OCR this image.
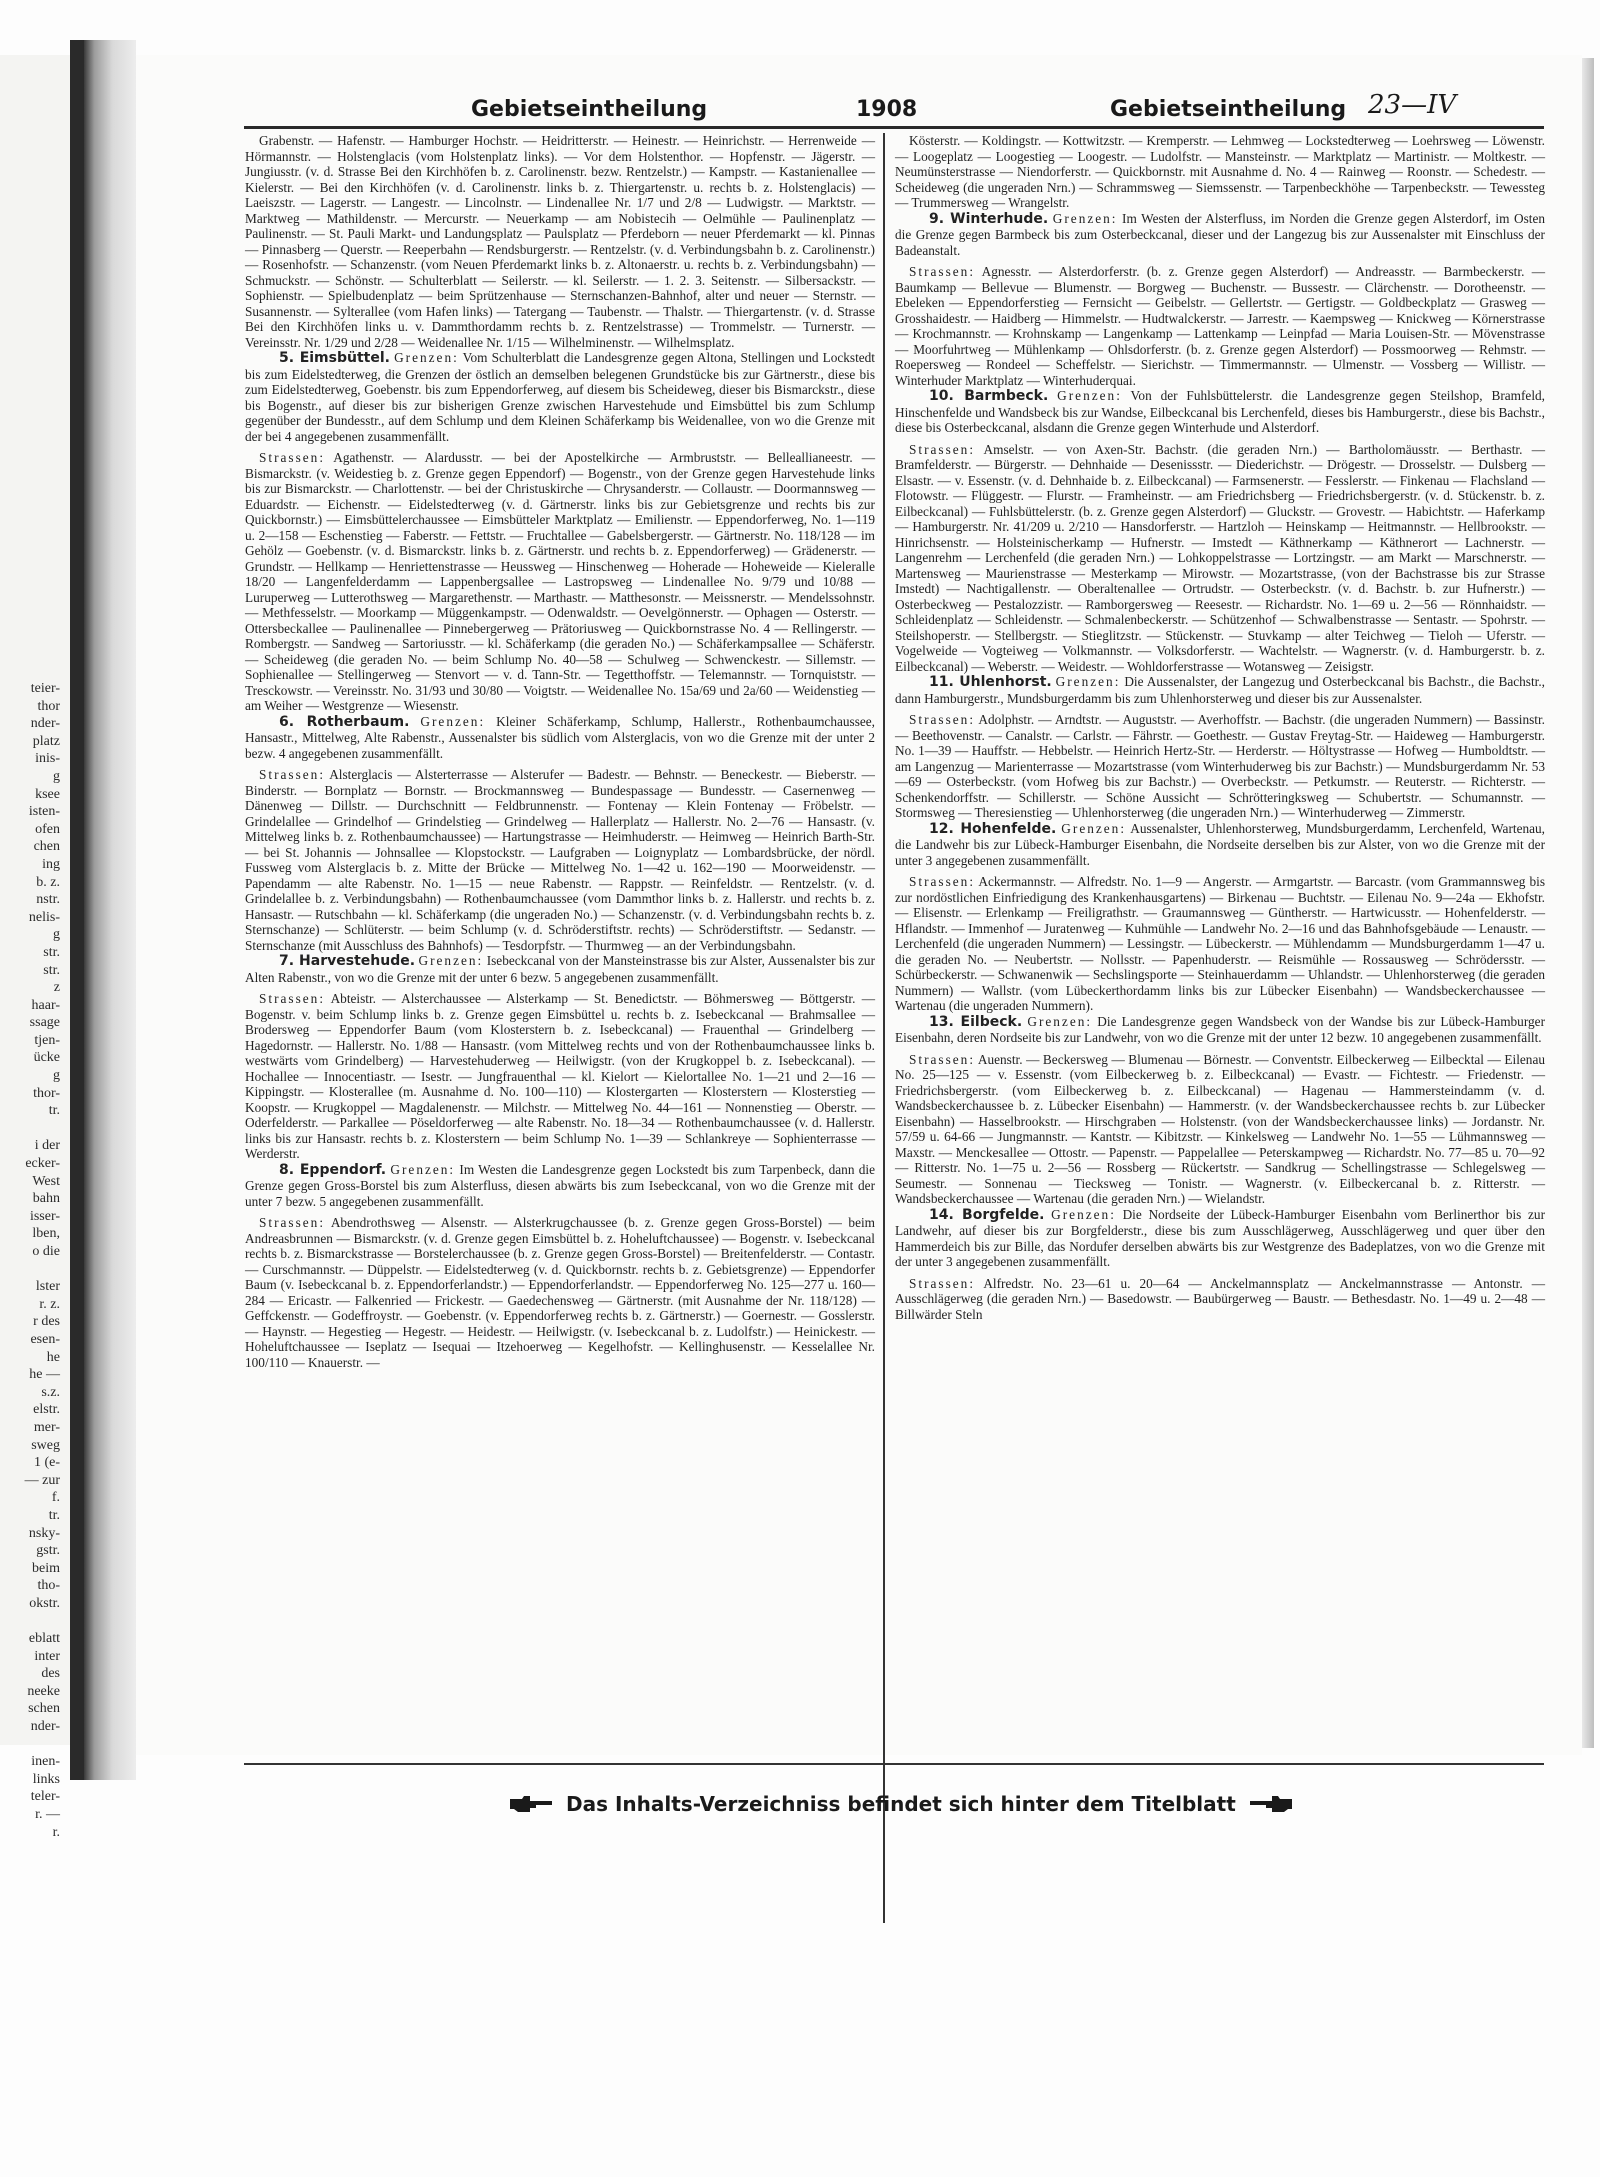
teier-
thor
nder-
platz
inis-
g
ksee
isten-
ofen
chen
ing
b. z.
nstr.
nelis-
g
str.
str.
z
haar-
ssage
tjen-
ücke
g
thor-
tr.

i der
ecker-
West
bahn
isser-
lben,
o die

lster
r. z.
r des
esen-
he
he —
s.z.
elstr.
mer-
sweg
1 (e-
— zur
f.
tr.
nsky-
gstr.
beim
tho-
okstr.

eblatt
inter
des
neeke
schen
nder-

inen-
links
teler-
r. —
r.
Gebietseintheilung	1908	Gebietseintheilung 23—IV

Grabenstr. — Hafenstr. — Hamburger Hochstr. — Heidritterstr. — Heinestr. — Heinrichstr. — Herrenweide — Hörmannstr. — Holstenglacis (vom Holstenplatz links). — Vor dem Holstenthor. — Hopfenstr. — Jägerstr. — Jungiusstr. (v. d. Strasse Bei den Kirchhöfen b. z. Carolinenstr. bezw. Rentzelstr.) — Kampstr. — Kastanienallee — Kielerstr. — Bei den Kirchhöfen (v. d. Carolinenstr. links b. z. Thiergartenstr. u. rechts b. z. Holstenglacis) — Laeiszstr. — Lagerstr. — Langestr. — Lincolnstr. — Lindenallee Nr. 1/7 und 2/8 — Ludwigstr. — Marktstr. — Marktweg — Mathildenstr. — Mercurstr. — Neuerkamp — am Nobistecih — Oelmühle — Paulinenplatz — Paulinenstr. — St. Pauli Markt- und Landungsplatz — Paulsplatz — Pferdeborn — neuer Pferdemarkt — kl. Pinnas — Pinnasberg — Querstr. — Reeperbahn — Rendsburgerstr. — Rentzelstr. (v. d. Verbindungsbahn b. z. Carolinenstr.) — Rosenhofstr. — Schanzenstr. (vom Neuen Pferdemarkt links b. z. Altonaerstr. u. rechts b. z. Verbindungsbahn) — Schmuckstr. — Schönstr. — Schulterblatt — Seilerstr. — kl. Seilerstr. — 1. 2. 3. Seitenstr. — Silbersackstr. — Sophienstr. — Spielbudenplatz — beim Sprützenhause — Sternschanzen-Bahnhof, alter und neuer — Sternstr. — Susannenstr. — Sylterallee (vom Hafen links) — Tatergang — Taubenstr. — Thalstr. — Thiergartenstr. (v. d. Strasse Bei den Kirchhöfen links u. v. Dammthordamm rechts b. z. Rentzelstrasse) — Trommelstr. — Turnerstr. — Vereinsstr. Nr. 1/29 und 2/28 — Weidenallee Nr. 1/15 — Wilhelminenstr. — Wilhelmsplatz.

5. Eimsbüttel. Grenzen: Vom Schulterblatt die Landesgrenze gegen Altona, Stellingen und Lockstedt bis zum Eidelstedterweg, die Grenzen der östlich an demselben belegenen Grundstücke bis zur Gärtnerstr., diese bis zum Eidelstedterweg, Goebenstr. bis zum Eppendorferweg, auf diesem bis Scheideweg, dieser bis Bismarckstr., diese bis Bogenstr., auf dieser bis zur bisherigen Grenze zwischen Harvestehude und Eimsbüttel bis zum Schlump gegenüber der Bundesstr., auf dem Schlump und dem Kleinen Schäferkamp bis Weidenallee, von wo die Grenze mit der bei 4 angegebenen zusammenfällt.

Strassen: Agathenstr. — Alardusstr. — bei der Apostelkirche — Armbruststr. — Belleallianeestr. — Bismarckstr. (v. Weidestieg b. z. Grenze gegen Eppendorf) — Bogenstr., von der Grenze gegen Harvestehude links bis zur Bismarckstr. — Charlottenstr. — bei der Christuskirche — Chrysanderstr. — Collaustr. — Doormannsweg — Eduardstr. — Eichenstr. — Eidelstedterweg (v. d. Gärtnerstr. links bis zur Gebietsgrenze und rechts bis zur Quickbornstr.) — Eimsbüttelerchaussee — Eimsbütteler Marktplatz — Emilienstr. — Eppendorferweg, No. 1—119 u. 2—158 — Eschenstieg — Faberstr. — Fettstr. — Fruchtallee — Gabelsbergerstr. — Gärtnerstr. No. 118/128 — im Gehölz — Goebenstr. (v. d. Bismarckstr. links b. z. Gärtnerstr. und rechts b. z. Eppendorferweg) — Grädenerstr. — Grundstr. — Hellkamp — Henriettenstrasse — Heussweg — Hinschenweg — Hoherade — Hoheweide — Kieleralle 18/20 — Langenfelderdamm — Lappenbergsallee — Lastropsweg — Lindenallee No. 9/79 und 10/88 — Luruperweg — Lutterothsweg — Margarethenstr. — Marthastr. — Matthesonstr. — Meissnerstr. — Mendelssohnstr. — Methfesselstr. — Moorkamp — Müggenkampstr. — Odenwaldstr. — Oevelgönnerstr. — Ophagen — Osterstr. — Ottersbeckallee — Paulinenallee — Pinnebergerweg — Prätoriusweg — Quickbornstrasse No. 4 — Rellingerstr. — Rombergstr. — Sandweg — Sartoriusstr. — kl. Schäferkamp (die geraden No.) — Schäferkampsallee — Schäferstr. — Scheideweg (die geraden No. — beim Schlump No. 40—58 — Schulweg — Schwenckestr. — Sillemstr. — Sophienallee — Stellingerweg — Stenvort — v. d. Tann-Str. — Tegetthoffstr. — Telemannstr. — Tornquiststr. — Tresckowstr. — Vereinsstr. No. 31/93 und 30/80 — Voigtstr. — Weidenallee No. 15a/69 und 2a/60 — Weidenstieg — am Weiher — Westgrenze — Wiesenstr.

6. Rotherbaum. Grenzen: Kleiner Schäferkamp, Schlump, Hallerstr., Rothenbaumchaussee, Hansastr., Mittelweg, Alte Rabenstr., Aussenalster bis südlich vom Alsterglacis, von wo die Grenze mit der unter 2 bezw. 4 angegebenen zusammenfällt.

Strassen: Alsterglacis — Alsterterrasse — Alsterufer — Badestr. — Behnstr. — Beneckestr. — Bieberstr. — Binderstr. — Bornplatz — Bornstr. — Brockmannsweg — Bundespassage — Bundesstr. — Casernenweg — Dänenweg — Dillstr. — Durchschnitt — Feldbrunnenstr. — Fontenay — Klein Fontenay — Fröbelstr. — Grindelallee — Grindelhof — Grindelstieg — Grindelweg — Hallerplatz — Hallerstr. No. 2—76 — Hansastr. (v. Mittelweg links b. z. Rothenbaumchaussee) — Hartungstrasse — Heimhuderstr. — Heimweg — Heinrich Barth-Str. — bei St. Johannis — Johnsallee — Klopstockstr. — Laufgraben — Loignyplatz — Lombardsbrücke, der nördl. Fussweg vom Alsterglacis b. z. Mitte der Brücke — Mittelweg No. 1—42 u. 162—190 — Moorweidenstr. — Papendamm — alte Rabenstr. No. 1—15 — neue Rabenstr. — Rappstr. — Reinfeldstr. — Rentzelstr. (v. d. Grindelallee b. z. Verbindungsbahn) — Rothenbaumchaussee (vom Dammthor links b. z. Hallerstr. und rechts b. z. Hansastr. — Rutschbahn — kl. Schäferkamp (die ungeraden No.) — Schanzenstr. (v. d. Verbindungsbahn rechts b. z. Sternschanze) — Schlüterstr. — beim Schlump (v. d. Schröderstiftstr. rechts) — Schröderstiftstr. — Sedanstr. — Sternschanze (mit Ausschluss des Bahnhofs) — Tesdorpfstr. — Thurmweg — an der Verbindungsbahn.

7. Harvestehude. Grenzen: Isebeckcanal von der Mansteinstrasse bis zur Alster, Aussenalster bis zur Alten Rabenstr., von wo die Grenze mit der unter 6 bezw. 5 angegebenen zusammenfällt.

Strassen: Abteistr. — Alsterchaussee — Alsterkamp — St. Benedictstr. — Böhmersweg — Böttgerstr. — Bogenstr. v. beim Schlump links b. z. Grenze gegen Eimsbüttel u. rechts b. z. Isebeckcanal — Brahmsallee — Brodersweg — Eppendorfer Baum (vom Klosterstern b. z. Isebeckcanal) — Frauenthal — Grindelberg — Hagedornstr. — Hallerstr. No. 1/88 — Hansastr. (vom Mittelweg rechts und von der Rothenbaumchaussee links b. westwärts vom Grindelberg) — Harvestehuderweg — Heilwigstr. (von der Krugkoppel b. z. Isebeckcanal). — Hochallee — Innocentiastr. — Isestr. — Jungfrauenthal — kl. Kielort — Kielortallee No. 1—21 und 2—16 — Kippingstr. — Klosterallee (m. Ausnahme d. No. 100—110) — Klostergarten — Klosterstern — Klosterstieg — Koopstr. — Krugkoppel — Magdalenenstr. — Milchstr. — Mittelweg No. 44—161 — Nonnenstieg — Oberstr. — Oderfelderstr. — Parkallee — Pöseldorferweg — alte Rabenstr. No. 18—34 — Rothenbaumchaussee (v. d. Hallerstr. links bis zur Hansastr. rechts b. z. Klosterstern — beim Schlump No. 1—39 — Schlankreye — Sophienterrasse — Werderstr.

8. Eppendorf. Grenzen: Im Westen die Landesgrenze gegen Lockstedt bis zum Tarpenbeck, dann die Grenze gegen Gross-Borstel bis zum Alsterfluss, diesen abwärts bis zum Isebeckcanal, von wo die Grenze mit der unter 7 bezw. 5 angegebenen zusammenfällt.

Strassen: Abendrothsweg — Alsenstr. — Alsterkrugchaussee (b. z. Grenze gegen Gross-Borstel) — beim Andreasbrunnen — Bismarckstr. (v. d. Grenze gegen Eimsbüttel b. z. Hoheluftchaussee) — Bogenstr. v. Isebeckcanal rechts b. z. Bismarckstrasse — Borstelerchaussee (b. z. Grenze gegen Gross-Borstel) — Breitenfelderstr. — Contastr. — Curschmannstr. — Düppelstr. — Eidelstedterweg (v. d. Quickbornstr. rechts b. z. Gebietsgrenze) — Eppendorfer Baum (v. Isebeckcanal b. z. Eppendorferlandstr.) — Eppendorferlandstr. — Eppendorferweg No. 125—277 u. 160—284 — Ericastr. — Falkenried — Frickestr. — Gaedechensweg — Gärtnerstr. (mit Ausnahme der Nr. 118/128) — Geffckenstr. — Godeffroystr. — Goebenstr. (v. Eppendorferweg rechts b. z. Gärtnerstr.) — Goernestr. — Gosslerstr. — Haynstr. — Hegestieg — Hegestr. — Heidestr. — Heilwigstr. (v. Isebeckcanal b. z. Ludolfstr.) — Heinickestr. — Hoheluftchaussee — Iseplatz — Isequai — Itzehoerweg — Kegelhofstr. — Kellinghusenstr. — Kesselallee Nr. 100/110 — Knauerstr. —

Kösterstr. — Koldingstr. — Kottwitzstr. — Kremperstr. — Lehmweg — Lockstedterweg — Loehrsweg — Löwenstr. — Loogeplatz — Loogestieg — Loogestr. — Ludolfstr. — Mansteinstr. — Marktplatz — Martinistr. — Moltkestr. — Neumünsterstrasse — Niendorferstr. — Quickbornstr. mit Ausnahme d. No. 4 — Rainweg — Roonstr. — Schedestr. — Scheideweg (die ungeraden Nrn.) — Schrammsweg — Siemssenstr. — Tarpenbeckhöhe — Tarpenbeckstr. — Tewessteg — Trummersweg — Wrangelstr.

9. Winterhude. Grenzen: Im Westen der Alsterfluss, im Norden die Grenze gegen Alsterdorf, im Osten die Grenze gegen Barmbeck bis zum Osterbeckcanal, dieser und der Langezug bis zur Aussenalster mit Einschluss der Badeanstalt.

Strassen: Agnesstr. — Alsterdorferstr. (b. z. Grenze gegen Alsterdorf) — Andreasstr. — Barmbeckerstr. — Baumkamp — Bellevue — Blumenstr. — Borgweg — Buchenstr. — Bussestr. — Clärchenstr. — Dorotheenstr. — Ebeleken — Eppendorferstieg — Fernsicht — Geibelstr. — Gellertstr. — Gertigstr. — Goldbeckplatz — Grasweg — Grosshaidestr. — Haidberg — Himmelstr. — Hudtwalckerstr. — Jarrestr. — Kaempsweg — Knickweg — Körnerstrasse — Krochmannstr. — Krohnskamp — Langenkamp — Lattenkamp — Leinpfad — Maria Louisen-Str. — Mövenstrasse — Moorfuhrtweg — Mühlenkamp — Ohlsdorferstr. (b. z. Grenze gegen Alsterdorf) — Possmoorweg — Rehmstr. — Roepersweg — Rondeel — Scheffelstr. — Sierichstr. — Timmermannstr. — Ulmenstr. — Vossberg — Willistr. — Winterhuder Marktplatz — Winterhuderquai.

10. Barmbeck. Grenzen: Von der Fuhlsbüttelerstr. die Landesgrenze gegen Steilshop, Bramfeld, Hinschenfelde und Wandsbeck bis zur Wandse, Eilbeckcanal bis Lerchenfeld, dieses bis Hamburgerstr., diese bis Bachstr., diese bis Osterbeckcanal, alsdann die Grenze gegen Winterhude und Alsterdorf.

Strassen: Amselstr. — von Axen-Str. Bachstr. (die geraden Nrn.) — Bartholomäusstr. — Berthastr. — Bramfelderstr. — Bürgerstr. — Dehnhaide — Desenissstr. — Diederichstr. — Drögestr. — Drosselstr. — Dulsberg — Elsastr. — v. Essenstr. (v. d. Dehnhaide b. z. Eilbeckcanal) — Farmsenerstr. — Fesslerstr. — Finkenau — Flachsland — Flotowstr. — Flüggestr. — Flurstr. — Framheinstr. — am Friedrichsberg — Friedrichsbergerstr. (v. d. Stückenstr. b. z. Eilbeckcanal) — Fuhlsbüttelerstr. (b. z. Grenze gegen Alsterdorf) — Gluckstr. — Grovestr. — Habichtstr. — Haferkamp — Hamburgerstr. Nr. 41/209 u. 2/210 — Hansdorferstr. — Hartzloh — Heinskamp — Heitmannstr. — Hellbrookstr. — Hinrichsenstr. — Holsteinischerkamp — Hufnerstr. — Imstedt — Käthnerkamp — Käthnerort — Lachnerstr. — Langenrehm — Lerchenfeld (die geraden Nrn.) — Lohkoppelstrasse — Lortzingstr. — am Markt — Marschnerstr. — Martensweg — Maurienstrasse — Mesterkamp — Mirowstr. — Mozartstrasse, (von der Bachstrasse bis zur Strasse Imstedt) — Nachtigallenstr. — Oberaltenallee — Ortrudstr. — Osterbeckstr. (v. d. Bachstr. b. zur Hufnerstr.) — Osterbeckweg — Pestalozzistr. — Ramborgersweg — Reesestr. — Richardstr. No. 1—69 u. 2—56 — Rönnhaidstr. — Schleidenplatz — Schleidenstr. — Schmalenbeckerstr. — Schützenhof — Schwalbenstrasse — Sentastr. — Spohrstr. — Steilshoperstr. — Stellbergstr. — Stieglitzstr. — Stückenstr. — Stuvkamp — alter Teichweg — Tieloh — Uferstr. — Vogelweide — Vogteiweg — Volkmannstr. — Volksdorferstr. — Wachtelstr. — Wagnerstr. (v. d. Hamburgerstr. b. z. Eilbeckcanal) — Weberstr. — Weidestr. — Wohldorferstrasse — Wotansweg — Zeisigstr.

11. Uhlenhorst. Grenzen: Die Aussenalster, der Langezug und Osterbeckcanal bis Bachstr., die Bachstr., dann Hamburgerstr., Mundsburgerdamm bis zum Uhlenhorsterweg und dieser bis zur Aussenalster.

Strassen: Adolphstr. — Arndtstr. — Auguststr. — Averhoffstr. — Bachstr. (die ungeraden Nummern) — Bassinstr. — Beethovenstr. — Canalstr. — Carlstr. — Fährstr. — Goethestr. — Gustav Freytag-Str. — Haideweg — Hamburgerstr. No. 1—39 — Hauffstr. — Hebbelstr. — Heinrich Hertz-Str. — Herderstr. — Höltystrasse — Hofweg — Humboldtstr. — am Langenzug — Marienterrasse — Mozartstrasse (vom Winterhuderweg bis zur Bachstr.) — Mundsburgerdamm Nr. 53—69 — Osterbeckstr. (vom Hofweg bis zur Bachstr.) — Overbeckstr. — Petkumstr. — Reuterstr. — Richterstr. — Schenkendorffstr. — Schillerstr. — Schöne Aussicht — Schrötteringksweg — Schubertstr. — Schumannstr. — Stormsweg — Theresienstieg — Uhlenhorsterweg (die ungeraden Nrn.) — Winterhuderweg — Zimmerstr.

12. Hohenfelde. Grenzen: Aussenalster, Uhlenhorsterweg, Mundsburgerdamm, Lerchenfeld, Wartenau, die Landwehr bis zur Lübeck-Hamburger Eisenbahn, die Nordseite derselben bis zur Alster, von wo die Grenze mit der unter 3 angegebenen zusammenfällt.

Strassen: Ackermannstr. — Alfredstr. No. 1—9 — Angerstr. — Armgartstr. — Barcastr. (vom Grammannsweg bis zur nordöstlichen Einfriedigung des Krankenhausgartens) — Birkenau — Buchtstr. — Eilenau No. 9—24a — Ekhofstr. — Elisenstr. — Erlenkamp — Freiligrathstr. — Graumannsweg — Güntherstr. — Hartwicusstr. — Hohenfelderstr. — Hflandstr. — Immenhof — Juratenweg — Kuhmühle — Landwehr No. 2—16 und das Bahnhofsgebäude — Lenaustr. — Lerchenfeld (die ungeraden Nummern) — Lessingstr. — Lübeckerstr. — Mühlendamm — Mundsburgerdamm 1—47 u. die geraden No. — Neubertstr. — Nollsstr. — Papenhuderstr. — Reismühle — Rossausweg — Schrödersstr. — Schürbeckerstr. — Schwanenwik — Sechslingsporte — Steinhauerdamm — Uhlandstr. — Uhlenhorsterweg (die geraden Nummern) — Wallstr. (vom Lübeckerthordamm links bis zur Lübecker Eisenbahn) — Wandsbeckerchaussee — Wartenau (die ungeraden Nummern).

13. Eilbeck. Grenzen: Die Landesgrenze gegen Wandsbeck von der Wandse bis zur Lübeck-Hamburger Eisenbahn, deren Nordseite bis zur Landwehr, von wo die Grenze mit der unter 12 bezw. 10 angegebenen zusammenfällt.

Strassen: Auenstr. — Beckersweg — Blumenau — Börnestr. — Conventstr. Eilbeckerweg — Eilbecktal — Eilenau No. 25—125 — v. Essenstr. (vom Eilbeckerweg b. z. Eilbeckcanal) — Evastr. — Fichtestr. — Friedenstr. — Friedrichsbergerstr. (vom Eilbeckerweg b. z. Eilbeckcanal) — Hagenau — Hammersteindamm (v. d. Wandsbeckerchaussee b. z. Lübecker Eisenbahn) — Hammerstr. (v. der Wandsbeckerchaussee rechts b. zur Lübecker Eisenbahn) — Hasselbrookstr. — Hirschgraben — Holstenstr. (von der Wandsbeckerchaussee links) — Jordanstr. Nr. 57/59 u. 64-66 — Jungmannstr. — Kantstr. — Kibitzstr. — Kinkelsweg — Landwehr No. 1—55 — Lühmannsweg — Maxstr. — Menckesallee — Ottostr. — Papenstr. — Pappelallee — Peterskampweg — Richardstr. No. 77—85 u. 70—92 — Ritterstr. No. 1—75 u. 2—56 — Rossberg — Rückertstr. — Sandkrug — Schellingstrasse — Schlegelsweg — Seumestr. — Sonnenau — Tiecksweg — Tonistr. — Wagnerstr. (v. Eilbeckercanal b. z. Ritterstr. — Wandsbeckerchaussee — Wartenau (die geraden Nrn.) — Wielandstr.

14. Borgfelde. Grenzen: Die Nordseite der Lübeck-Hamburger Eisenbahn vom Berlinerthor bis zur Landwehr, auf dieser bis zur Borgfelderstr., diese bis zum Ausschlägerweg, Ausschlägerweg und quer über den Hammerdeich bis zur Bille, das Nordufer derselben abwärts bis zur Westgrenze des Badeplatzes, von wo die Grenze mit der unter 3 angegebenen zusammenfällt.

Strassen: Alfredstr. No. 23—61 u. 20—64 — Anckelmannsplatz — Anckelmannstrasse — Antonstr. — Ausschlägerweg (die geraden Nrn.) — Basedowstr. — Baubürgerweg — Baustr. — Bethesdastr. No. 1—49 u. 2—48 — Billwärder Steln

Das Inhalts-Verzeichniss befindet sich hinter dem Titelblatt
